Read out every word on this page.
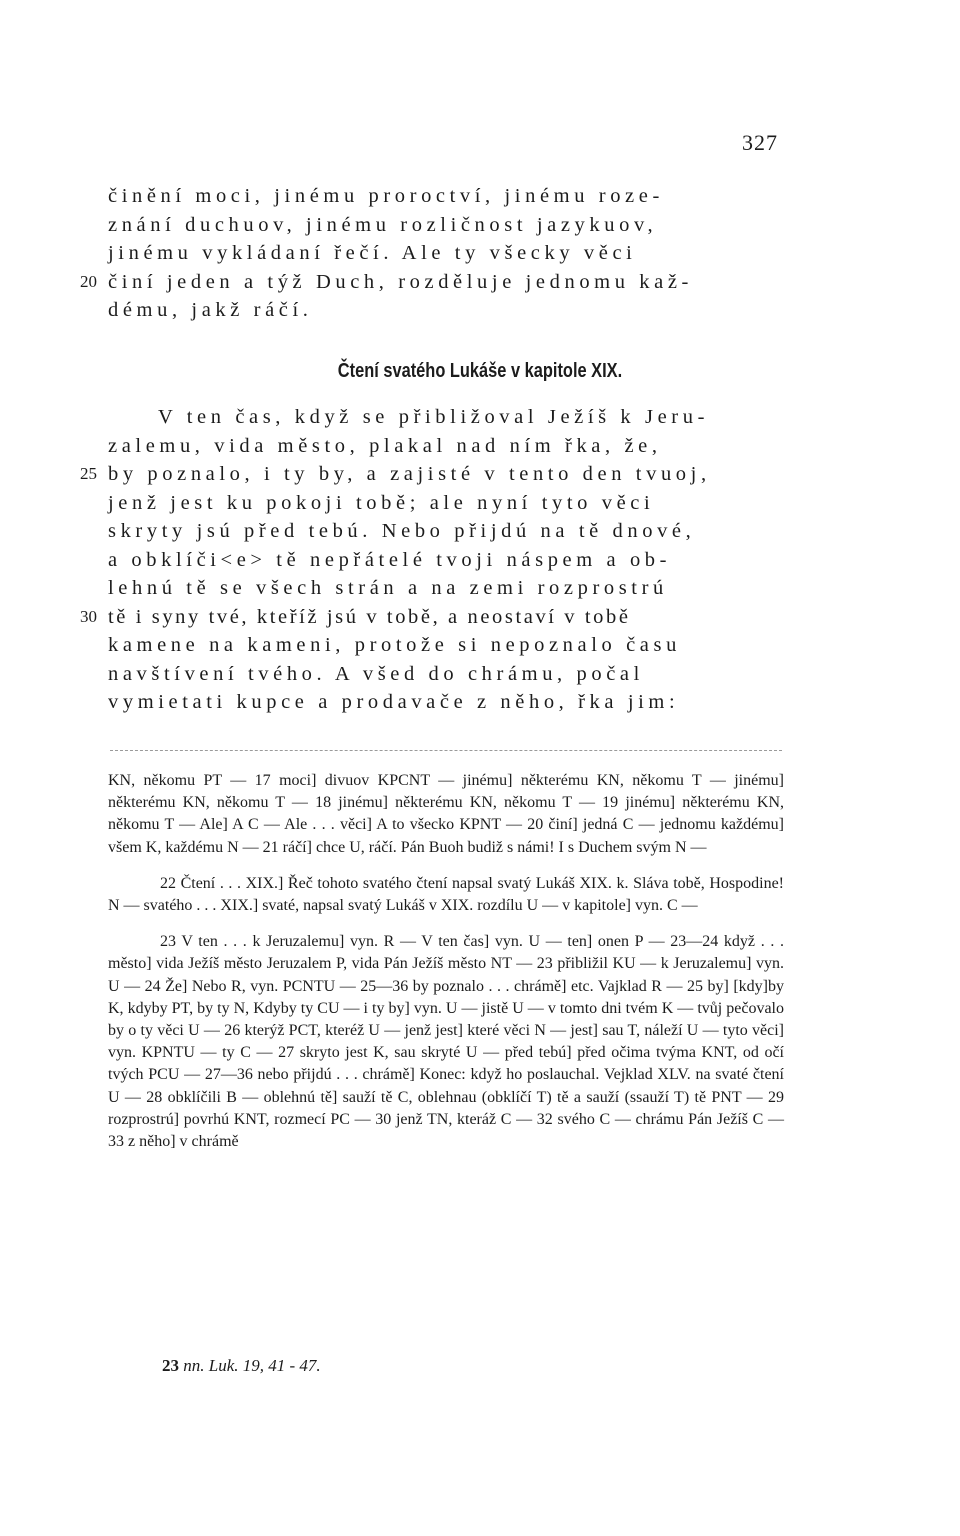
327
činění moci, jinému proroctví, jinému roze-
znání duchuov, jinému rozličnost jazykuov,
jinému vykládaní řečí. Ale ty všecky věci
20 činí jeden a týž Duch, rozděluje jednomu kaž-
dému, jakž ráčí.
Čtení svatého Lukáše v kapitole XIX.
V ten čas, když se přibližoval Ježíš k Jeru-
zalemu, vida město, plakal nad ním řka, že,
25 by poznalo, i ty by, a zajisté v tento den tvuoj,
jenž jest ku pokoji tobě; ale nyní tyto věci
skryty jsú před tebú. Nebo přijdú na tě dnové,
a obklíči<e> tě nepřátelé tvoji náspem a ob-
lehnú tě se všech strán a na zemi rozprostrú
30 tě i syny tvé, kteříž jsú v tobě, a neostaví v tobě
kamene na kameni, protože si nepoznalo času
navštívení tvého. A všed do chrámu, počal
vymietati kupce a prodavače z něho, řka jim:

KN, někomu PT — 17 moci] divuov KPCNT — jinému] některému KN, někomu T — jinému] některému KN, někomu T — 18 jinému] některému KN, někomu T — 19 jinému] některému KN, někomu T — Ale] A C — Ale . . . věci] A to všecko KPNT — 20 činí] jedná C — jednomu každému] všem K, každému N — 21 ráčí] chce U, ráčí. Pán Buoh budiž s námi! I s Duchem svým N —

22 Čtení . . . XIX.] Řeč tohoto svatého čtení napsal svatý Lukáš XIX. k. Sláva tobě, Hospodine! N — svatého . . . XIX.] svaté, napsal svatý Lukáš v XIX. rozdílu U — v kapitole] vyn. C —

23 V ten . . . k Jeruzalemu] vyn. R — V ten čas] vyn. U — ten] onen P — 23—24 když . . . město] vida Ježíš město Jeruzalem P, vida Pán Ježíš město NT — 23 přibližil KU — k Jeruzalemu] vyn. U — 24 Že] Nebo R, vyn. PCNTU — 25—36 by poznalo . . . chrámě] etc. Vajklad R — 25 by] [kdy]by K, kdyby PT, by ty N, Kdyby ty CU — i ty by] vyn. U — jistě U — v tomto dni tvém K — tvůj pečovalo by o ty věci U — 26 kterýž PCT, kteréž U — jenž jest] které věci N — jest] sau T, náleží U — tyto věci] vyn. KPNTU — ty C — 27 skryto jest K, sau skryté U — před tebú] před očima tvýma KNT, od očí tvých PCU — 27—36 nebo přijdú . . . chrámě] Konec: když ho poslauchal. Vejklad XLV. na svaté čtení U — 28 obklíčili B — oblehnú tě] sauží tě C, oblehnau (obklíčí T) tě a sauží (ssauží T) tě PNT — 29 rozprostrú] povrhú KNT, rozmecí PC — 30 jenž TN, kteráž C — 32 svého C — chrámu Pán Ježíš C — 33 z něho] v chrámě

23 nn. Luk. 19, 41 - 47.
